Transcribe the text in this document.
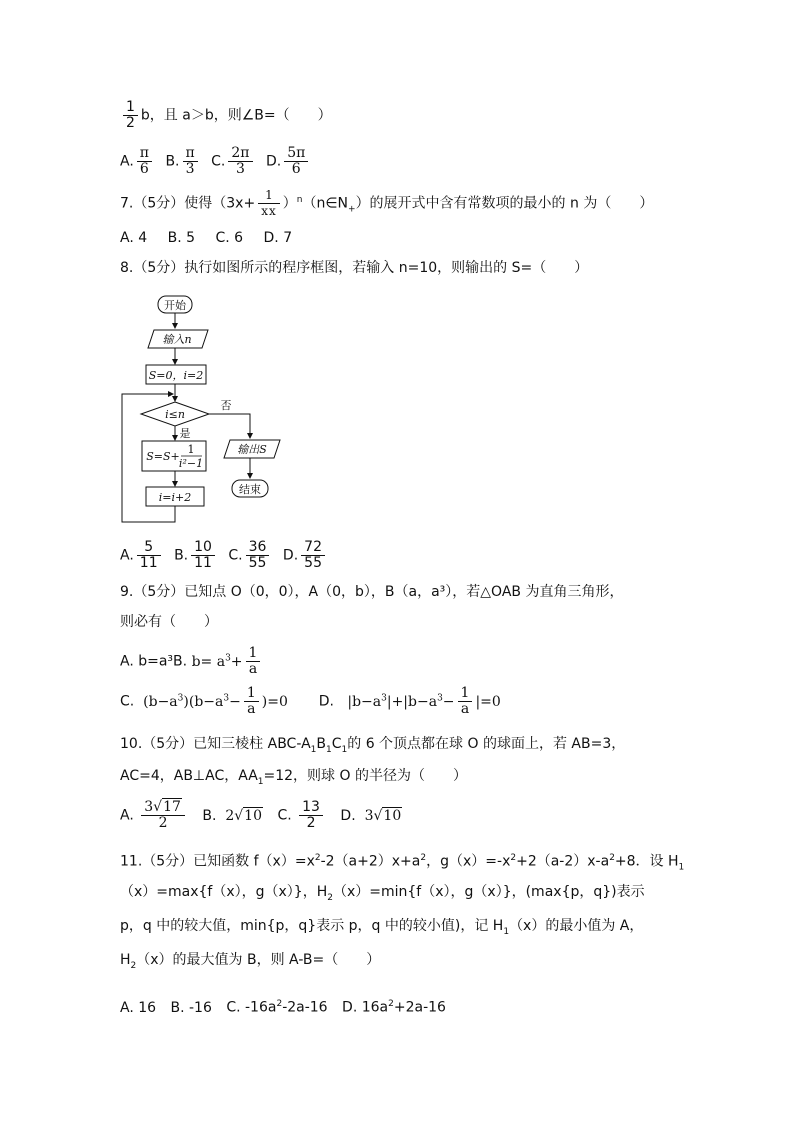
$\frac{1}{2}$ b，且 a＞b，则∠B=（　　）
A. $\frac{\pi}{6} B$. $\frac{\pi}{3} C$. $\frac{2\pi}{3} D$. $\frac{5\pi}{6}$
7.（5分）使得（$3x+ \frac{1}{xx}$ ）$^n(n\in N_+)$的展开式中含有常数项的最小的 n 为（　　）
A. 4 B. 5 C. 6 D. 7
8.（5分）执行如图所示的程序框图，若输入 n=10，则输出的 S=（　　）
开始
输入n
S=0，i=2
i≤n
否
是
S=S+
1
i²−1
i=i+2
输出S
结束
A. $\frac{5}{11} B$. $\frac{10}{11} C$. $\frac{36}{55} D$. $\frac{72}{55}$
9.（5分）已知点 O（0，0），A（0，b），B（a，a³），若△OAB 为直角三角形，
则必有（　　）
A. b=a³B. $b= a^3+ \frac{1}{a}$
C. $(b-a^3)(b-a^3- \frac{1}{a} )=0$ D. $|b-a^3|+|b-a^3- \frac{1}{a} |=0$
10.（5分）已知三棱柱 ABC-$A_1B_1C_1$的 6 个顶点都在球 O 的球面上，若 AB=3，
AC=4，AB⊥AC，$AA_1=12$，则球 O 的半径为（　　）
A. $\frac{3√17}{2} B$. 2√10 C. $\frac{13}{2} D$. 3√10
11.（5分）已知函数 $f(x)=x^2-2(a+2)x+a^2$，$g(x)=-x^2+2(a-2)x-a^2+8$．设 $H_1$
（x）=max{f（x），g（x）}，$H_2(x)=\min\{f(x)$，g（x）}，(max{p，q})表示
p，q 中的较大值，min{p，q}表示 p，q 中的较小值)，记 $H_1(x)$的最小值为 A，
$H_2(x)$的最大值为 B，则 A-B=（　　）
A. 16 B. -16 C. $-16a^2-2a-16$ D. $16a^2+2a-16$
